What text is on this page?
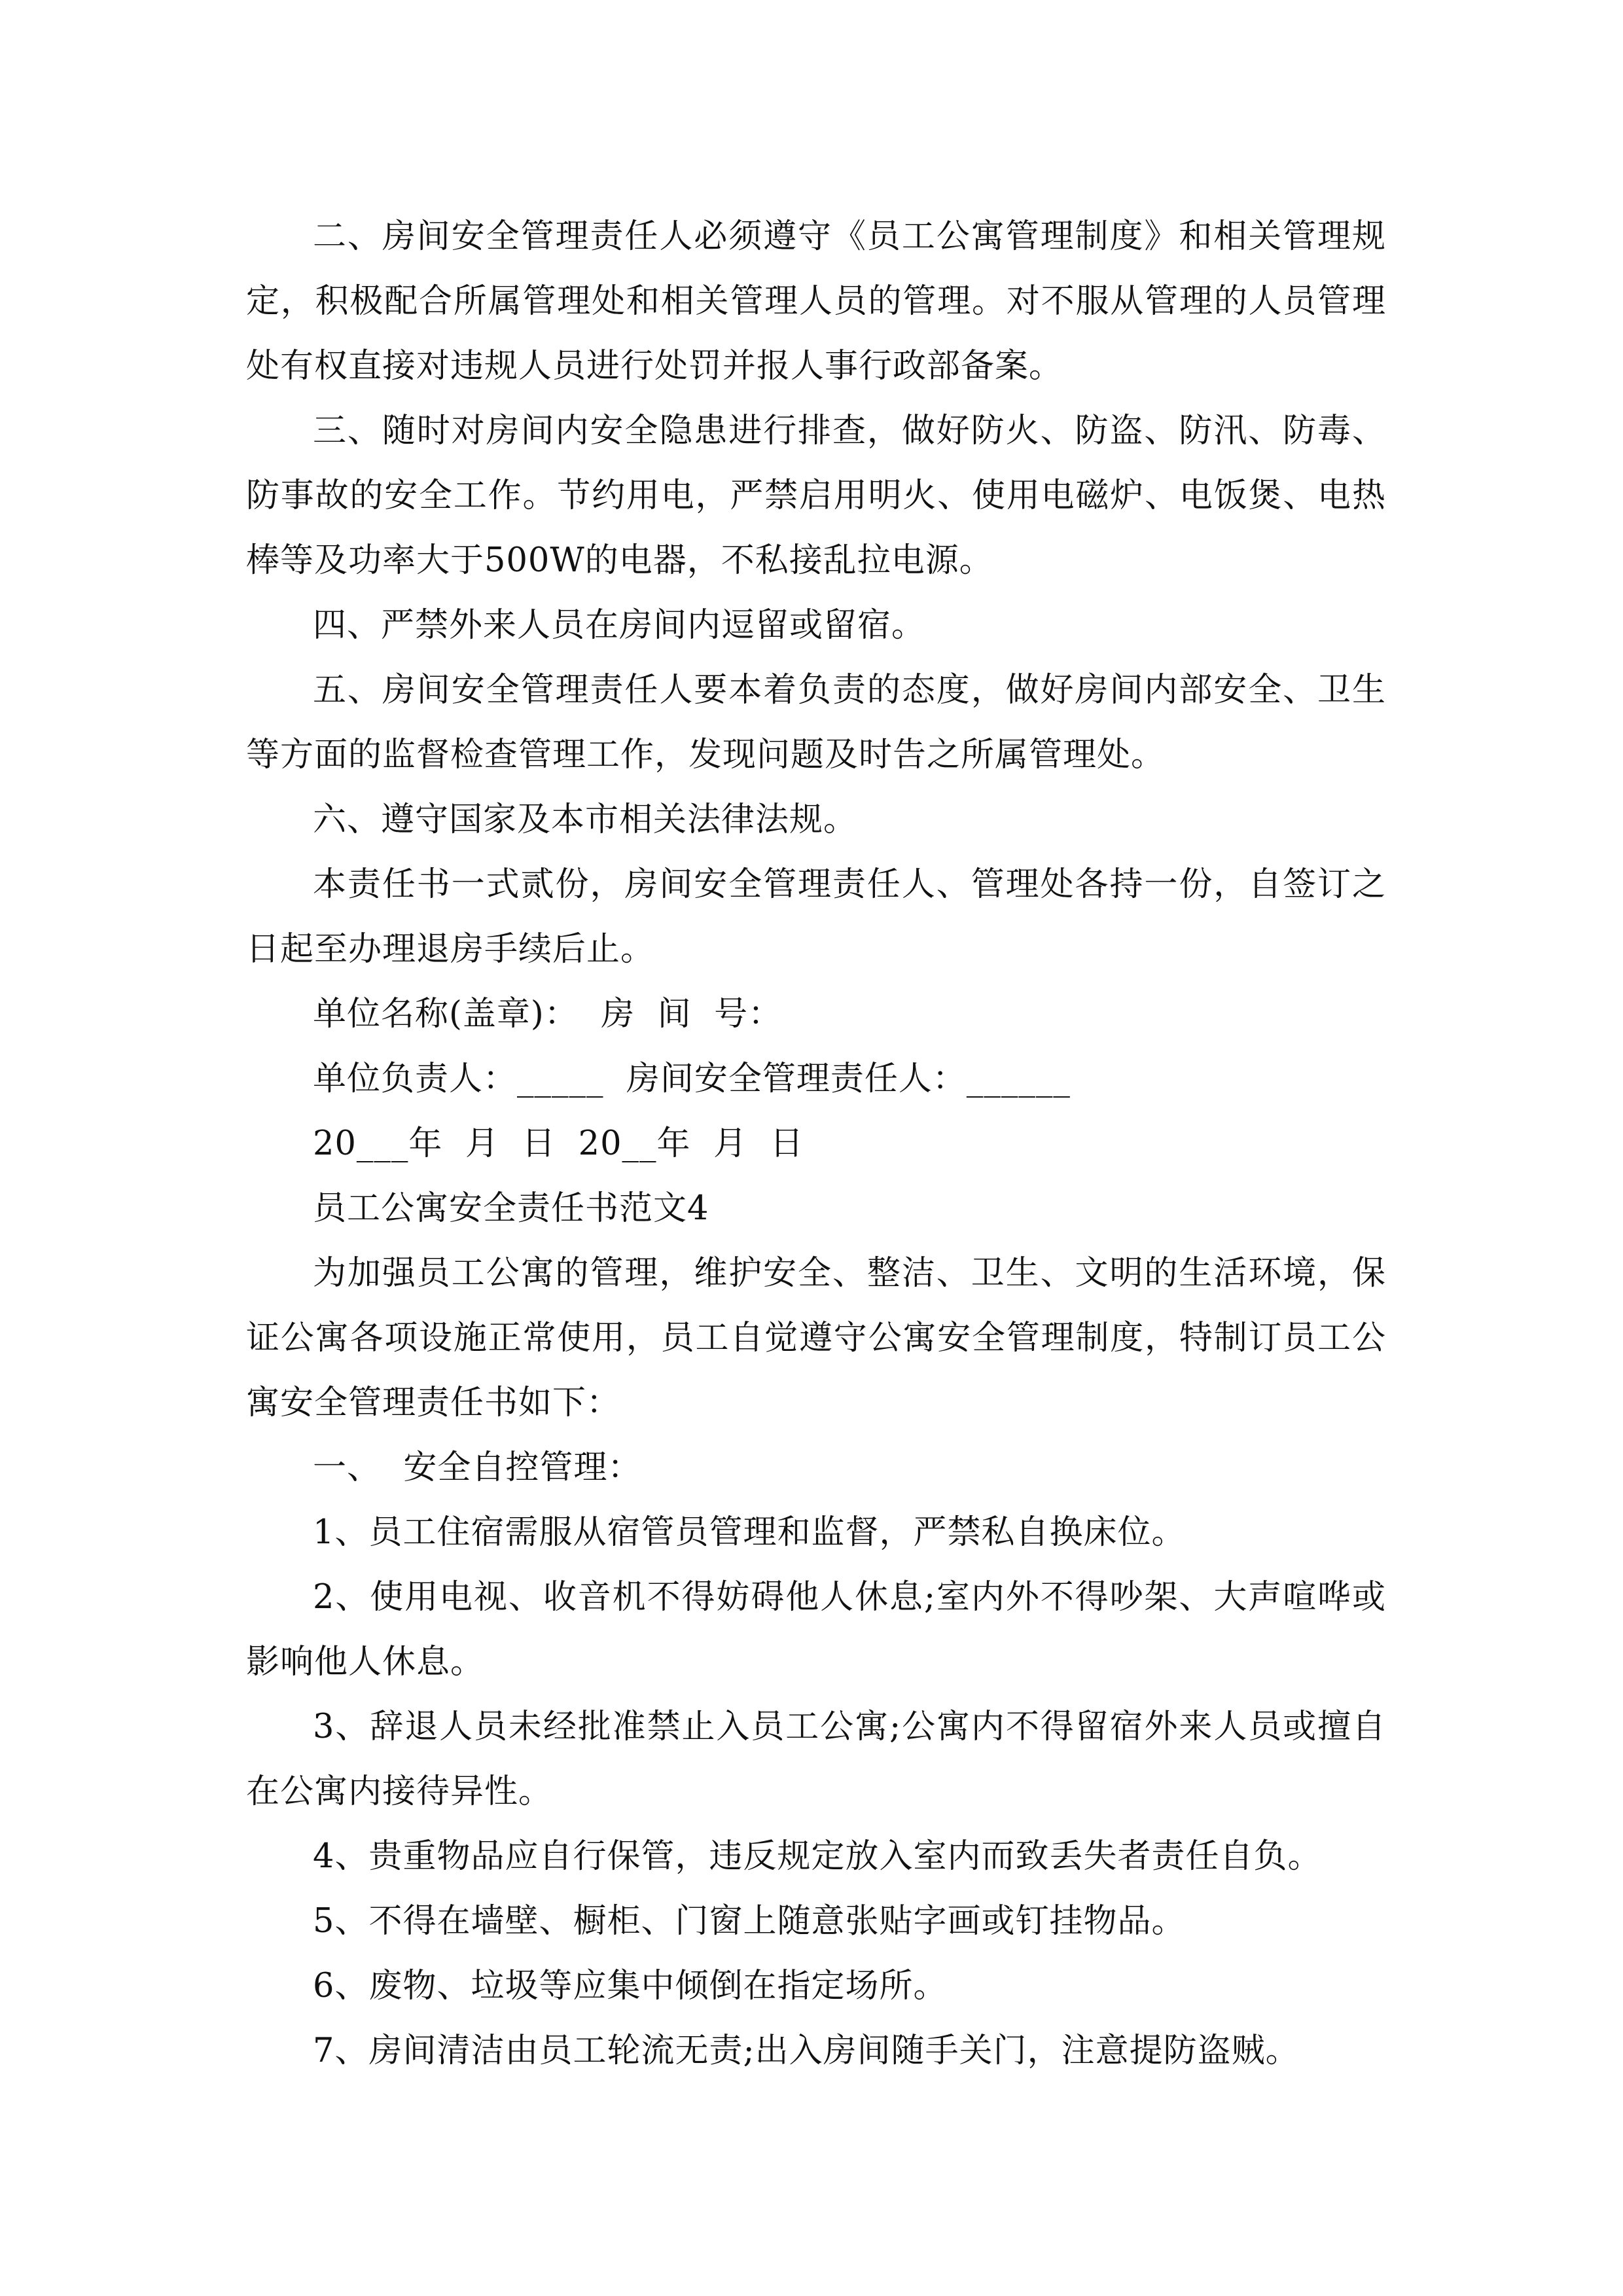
二、房间安全管理责任人必须遵守《员工公寓管理制度》和相关管理规定，积极配合所属管理处和相关管理人员的管理。对不服从管理的人员管理处有权直接对违规人员进行处罚并报人事行政部备案。

三、随时对房间内安全隐患进行排查，做好防火、防盗、防汛、防毒、防事故的安全工作。节约用电，严禁启用明火、使用电磁炉、电饭煲、电热棒等及功率大于500W的电器，不私接乱拉电源。

四、严禁外来人员在房间内逗留或留宿。

五、房间安全管理责任人要本着负责的态度，做好房间内部安全、卫生等方面的监督检查管理工作，发现问题及时告之所属管理处。

六、遵守国家及本市相关法律法规。

本责任书一式贰份，房间安全管理责任人、管理处各持一份，自签订之日起至办理退房手续后止。

单位名称(盖章)：  房  间  号：

单位负责人：_____  房间安全管理责任人：______

20___年  月  日  20__年  月  日

员工公寓安全责任书范文4

为加强员工公寓的管理，维护安全、整洁、卫生、文明的生活环境，保证公寓各项设施正常使用，员工自觉遵守公寓安全管理制度，特制订员工公寓安全管理责任书如下：

一、  安全自控管理：

1、员工住宿需服从宿管员管理和监督，严禁私自换床位。

2、使用电视、收音机不得妨碍他人休息;室内外不得吵架、大声喧哗或影响他人休息。

3、辞退人员未经批准禁止入员工公寓;公寓内不得留宿外来人员或擅自在公寓内接待异性。

4、贵重物品应自行保管，违反规定放入室内而致丢失者责任自负。

5、不得在墙壁、橱柜、门窗上随意张贴字画或钉挂物品。

6、废物、垃圾等应集中倾倒在指定场所。

7、房间清洁由员工轮流无责;出入房间随手关门，注意提防盗贼。
